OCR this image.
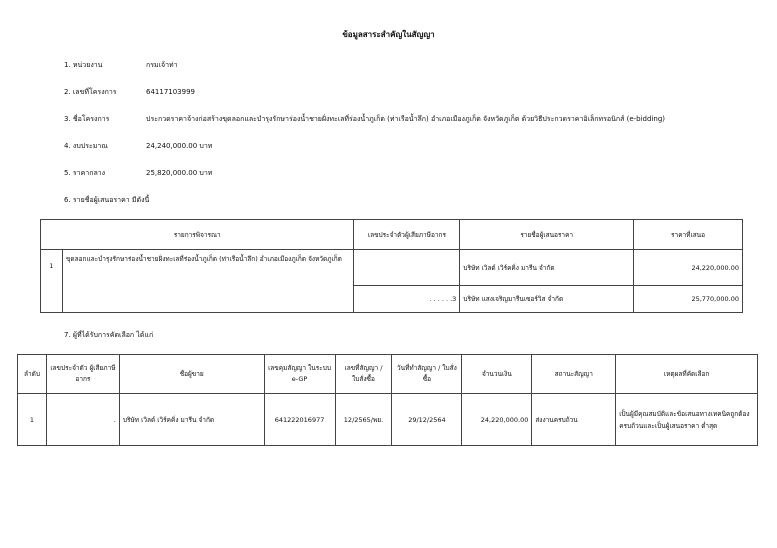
ข้อมูลสาระสำคัญในสัญญา
1. หน่วยงาน	กรมเจ้าท่า
2. เลขที่โครงการ	64117103999
3. ชื่อโครงการ	ประกวดราคาจ้างก่อสร้างขุดลอกและบำรุงรักษาร่องน้ำชายฝั่งทะเลที่ร่องน้ำภูเก็ต (ท่าเรือน้ำลึก) อำเภอเมืองภูเก็ต จังหวัดภูเก็ต ด้วยวิธีประกวดราคาอิเล็กทรอนิกส์ (e-bidding)
4. งบประมาณ	24,240,000.00 บาท
5. ราคากลาง	25,820,000.00 บาท
6. รายชื่อผู้เสนอราคา มีดังนี้
รายการพิจารณา		เลขประจำตัวผู้เสียภาษีอากร	รายชื่อผู้เสนอราคา	ราคาที่เสนอ
1	ขุดลอกและบำรุงรักษาร่องน้ำชายฝั่งทะเลที่ร่องน้ำภูเก็ต (ท่าเรือน้ำลึก) อำเภอเมืองภูเก็ต จังหวัดภูเก็ต		บริษัท เวิลด์ เวิร์คคิ่ง มารีน จำกัด	24,220,000.00
		. . . . . .3	บริษัท แสงเจริญมารีนเซอร์วิส จำกัด	25,770,000.00
7. ผู้ที่ได้รับการคัดเลือก ได้แก่
ลำดับ	เลขประจำตัว ผู้เสียภาษีอากร	ชื่อผู้ขาย	เลขคุมสัญญา ในระบบ e-GP	เลขที่สัญญา / ใบสั่งซื้อ	วันที่ทำสัญญา / ใบสั่งซื้อ	จำนวนเงิน	สถานะสัญญา	เหตุผลที่คัดเลือก
1	.	บริษัท เวิลด์ เวิร์คคิ่ง มารีน จำกัด	641222016977	12/2565/พย.	29/12/2564	24,220,000.00	ส่งงานครบถ้วน	เป็นผู้มีคุณสมบัติและข้อเสนอทางเทคนิคถูกต้องครบถ้วนและเป็นผู้เสนอราคา ต่ำสุด
